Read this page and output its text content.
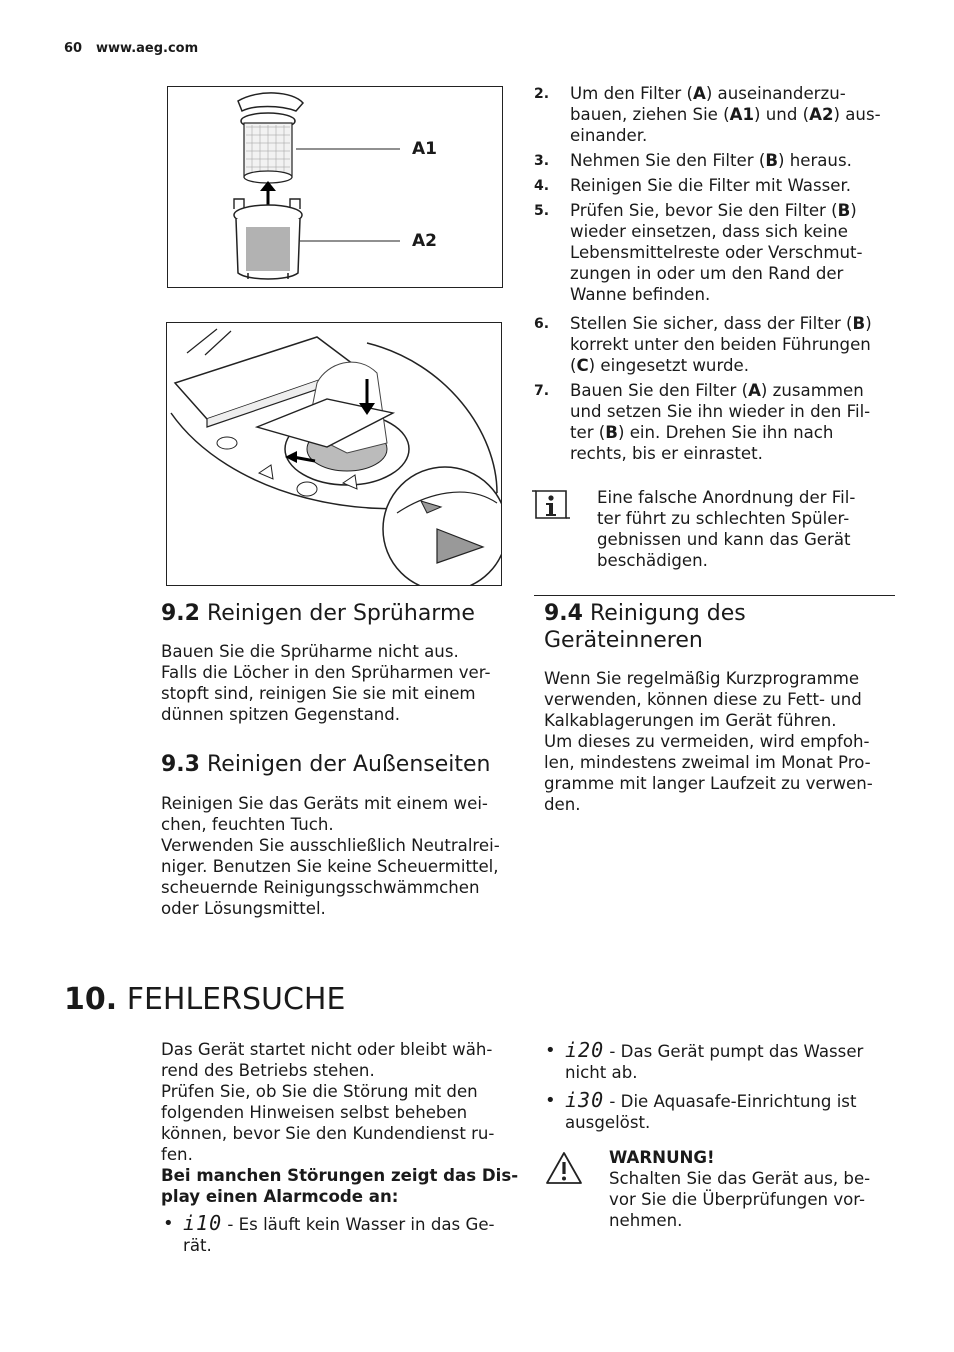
60 www.aeg.com
A1
A2
2. Um den Filter (A) auseinanderzu-
bauen, ziehen Sie (A1) und (A2) aus-
einander.
3. Nehmen Sie den Filter (B) heraus.
4. Reinigen Sie die Filter mit Wasser.
5. Prüfen Sie, bevor Sie den Filter (B)
wieder einsetzen, dass sich keine
Lebensmittelreste oder Verschmut-
zungen in oder um den Rand der
Wanne befinden.
6. Stellen Sie sicher, dass der Filter (B)
korrekt unter den beiden Führungen
(C) eingesetzt wurde.
7. Bauen Sie den Filter (A) zusammen
und setzen Sie ihn wieder in den Fil-
ter (B) ein. Drehen Sie ihn nach
rechts, bis er einrastet.
Eine falsche Anordnung der Fil-
ter führt zu schlechten Spüler-
gebnissen und kann das Gerät
beschädigen.
9.2 Reinigen der Sprüharme

Bauen Sie die Sprüharme nicht aus.
Falls die Löcher in den Sprüharmen ver-
stopft sind, reinigen Sie sie mit einem
dünnen spitzen Gegenstand.

9.3 Reinigen der Außenseiten

Reinigen Sie das Geräts mit einem wei-
chen, feuchten Tuch.
Verwenden Sie ausschließlich Neutralrei-
niger. Benutzen Sie keine Scheuermittel,
scheuernde Reinigungsschwämmchen
oder Lösungsmittel.

9.4 Reinigung des
Geräteinneren

Wenn Sie regelmäßig Kurzprogramme
verwenden, können diese zu Fett- und
Kalkablagerungen im Gerät führen.
Um dieses zu vermeiden, wird empfoh-
len, mindestens zweimal im Monat Pro-
gramme mit langer Laufzeit zu verwen-
den.

10. FEHLERSUCHE

Das Gerät startet nicht oder bleibt wäh-
rend des Betriebs stehen.
Prüfen Sie, ob Sie die Störung mit den
folgenden Hinweisen selbst beheben
können, bevor Sie den Kundendienst ru-
fen.

Bei manchen Störungen zeigt das Dis-
play einen Alarmcode an:

• i10 - Es läuft kein Wasser in das Ge-
rät.
• i20 - Das Gerät pumpt das Wasser
nicht ab.
• i30 - Die Aquasafe-Einrichtung ist
ausgelöst.
WARNUNG!
Schalten Sie das Gerät aus, be-
vor Sie die Überprüfungen vor-
nehmen.
